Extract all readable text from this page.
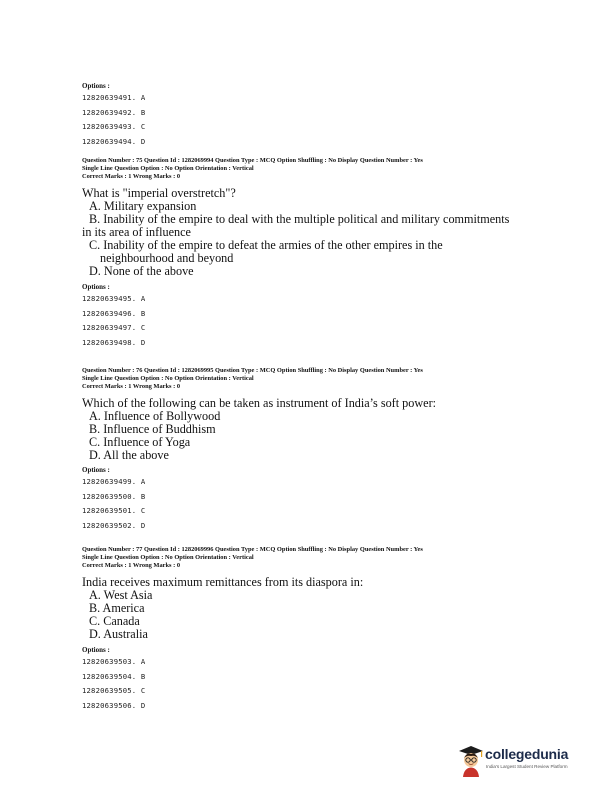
Options :
12820639491. A
12820639492. B
12820639493. C
12820639494. D
Question Number : 75 Question Id : 1282069994 Question Type : MCQ Option Shuffling : No Display Question Number : Yes
Single Line Question Option : No Option Orientation : Vertical
Correct Marks : 1 Wrong Marks : 0
What is "imperial overstretch"?
A. Military expansion
B. Inability of the empire to deal with the multiple political and military commitments
in its area of influence
C. Inability of the empire to defeat the armies of the other empires in the
neighbourhood and beyond
D. None of the above
Options :
12820639495. A
12820639496. B
12820639497. C
12820639498. D
Question Number : 76 Question Id : 1282069995 Question Type : MCQ Option Shuffling : No Display Question Number : Yes
Single Line Question Option : No Option Orientation : Vertical
Correct Marks : 1 Wrong Marks : 0
Which of the following can be taken as instrument of India’s soft power:
A. Influence of Bollywood
B. Influence of Buddhism
C. Influence of Yoga
D. All the above
Options :
12820639499. A
12820639500. B
12820639501. C
12820639502. D
Question Number : 77 Question Id : 1282069996 Question Type : MCQ Option Shuffling : No Display Question Number : Yes
Single Line Question Option : No Option Orientation : Vertical
Correct Marks : 1 Wrong Marks : 0
India receives maximum remittances from its diaspora in:
A. West Asia
B. America
C. Canada
D. Australia
Options :
12820639503. A
12820639504. B
12820639505. C
12820639506. D
collegedunia
India's Largest Student Review Platform
